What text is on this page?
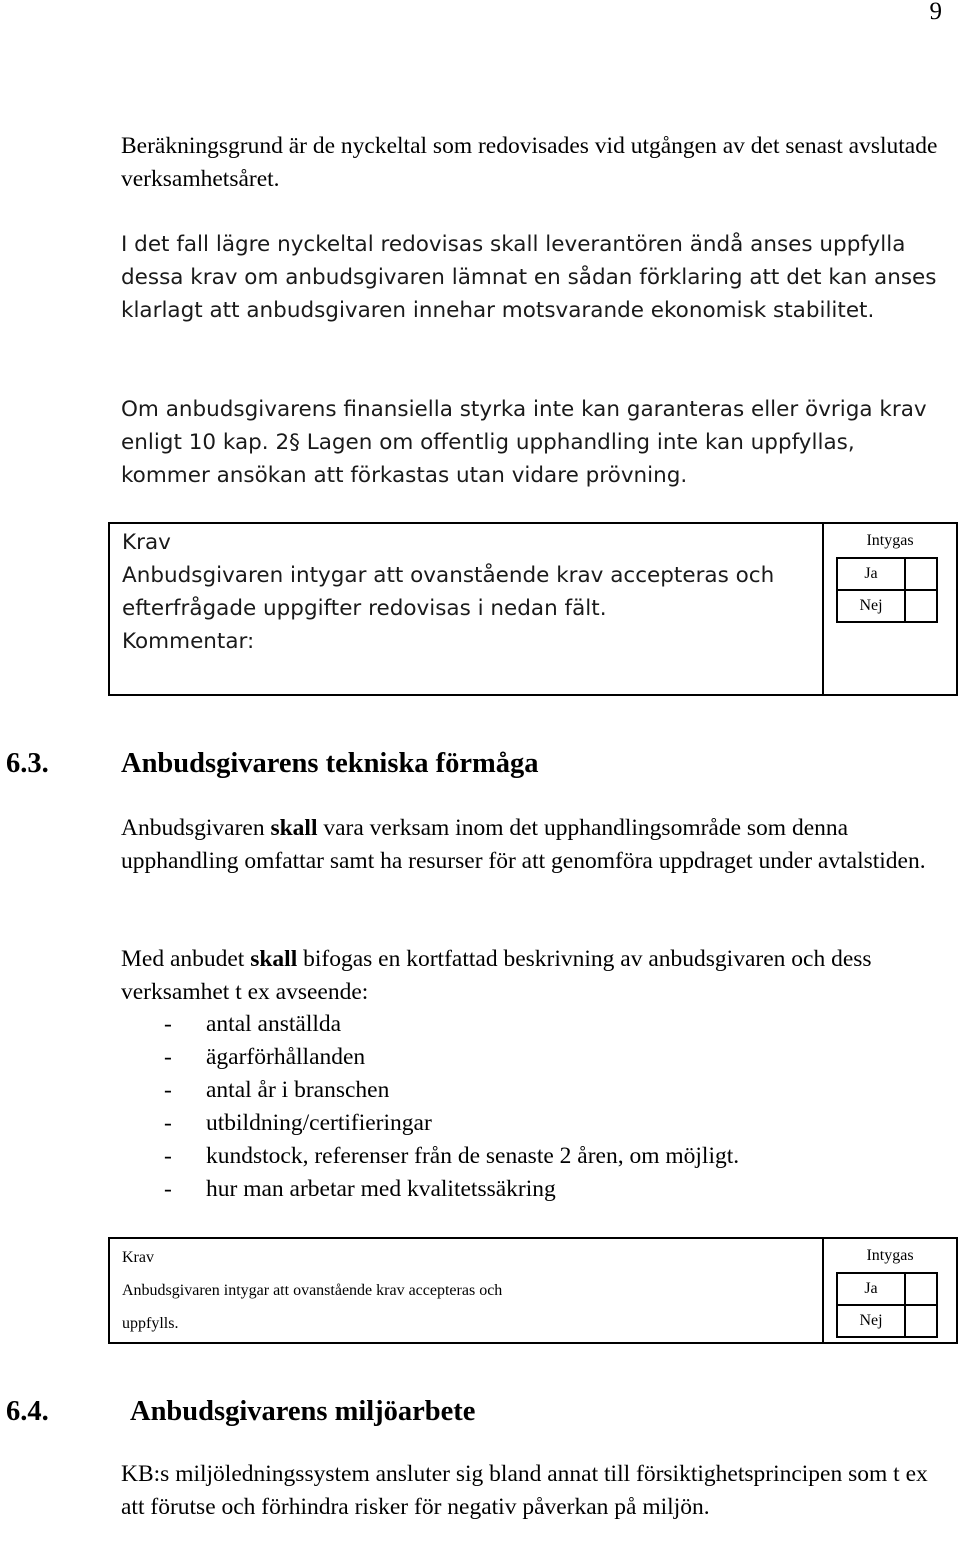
9

Beräkningsgrund är de nyckeltal som redovisades vid utgången av det senast avslutade verksamhetsåret.

I det fall lägre nyckeltal redovisas skall leverantören ändå anses uppfylla dessa krav om anbudsgivaren lämnat en sådan förklaring att det kan anses klarlagt att anbudsgivaren innehar motsvarande ekonomisk stabilitet.

Om anbudsgivarens finansiella styrka inte kan garanteras eller övriga krav enligt 10 kap. 2§ Lagen om offentlig upphandling inte kan uppfyllas, kommer ansökan att förkastas utan vidare prövning.

Krav
Anbudsgivaren intygar att ovanstående krav accepteras och
efterfrågade uppgifter redovisas i nedan fält.
Kommentar:

Intygas
Ja	
Nej	
6.3.	Anbudsgivarens tekniska förmåga

Anbudsgivaren skall vara verksam inom det upphandlingsområde som denna upphandling omfattar samt ha resurser för att genomföra uppdraget under avtalstiden.

Med anbudet skall bifogas en kortfattad beskrivning av anbudsgivaren och dess verksamhet t ex avseende:

- antal anställda
- ägarförhållanden
- antal år i branschen
- utbildning/certifieringar
- kundstock, referenser från de senaste 2 åren, om möjligt.
- hur man arbetar med kvalitetssäkring
Krav
Anbudsgivaren intygar att ovanstående krav accepteras och
uppfylls.

Intygas
Ja	
Nej	
6.4.	Anbudsgivarens miljöarbete

KB:s miljöledningssystem ansluter sig bland annat till försiktighetsprincipen som t ex att förutse och förhindra risker för negativ påverkan på miljön.
